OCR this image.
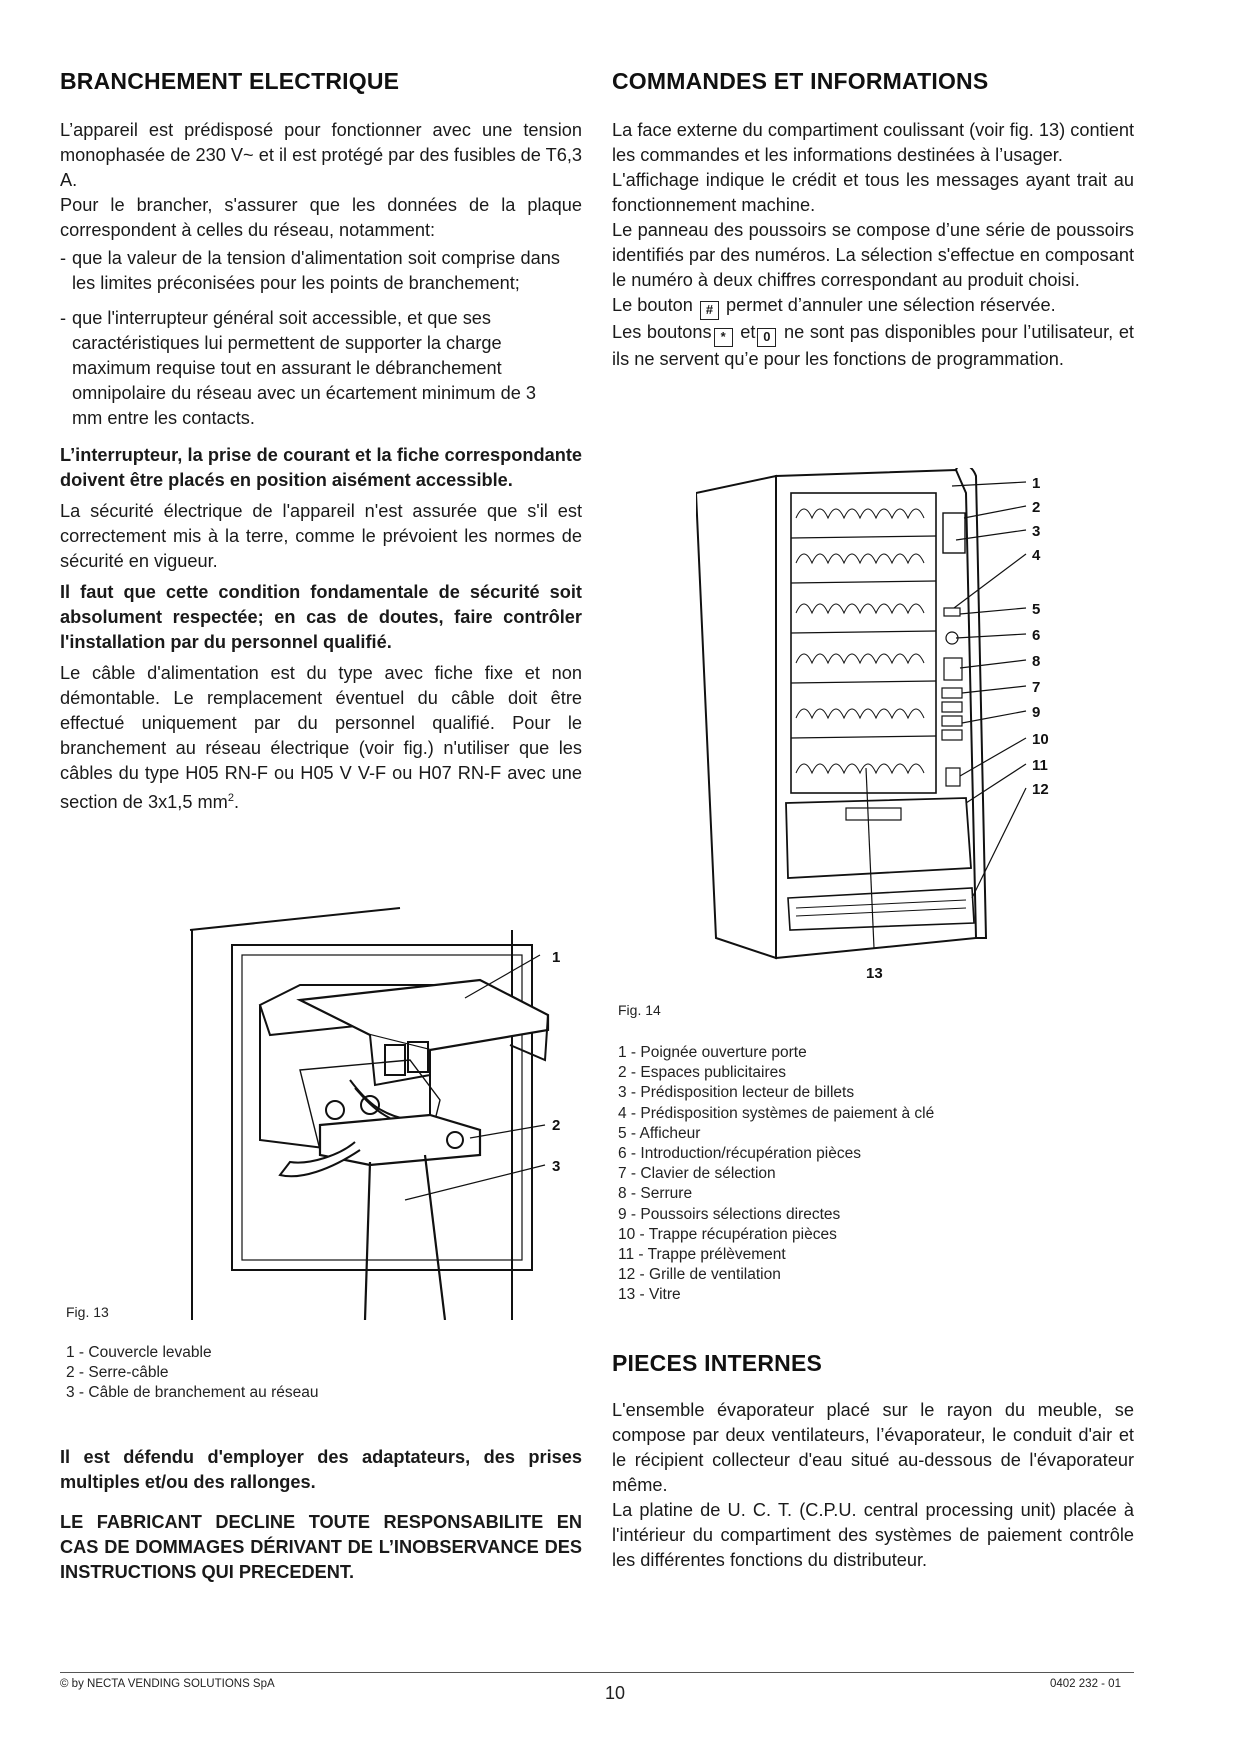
BRANCHEMENT ELECTRIQUE

L’appareil est prédisposé pour fonctionner avec une tension monophasée de 230 V~ et il est protégé par des fusibles de T6,3 A.

Pour le brancher, s'assurer que les données de la plaque correspondent à celles du réseau, notamment:

- que la valeur de la tension d'alimentation soit comprise dans les limites préconisées pour les points de branchement;
- que l'interrupteur général soit accessible, et que ses caractéristiques lui permettent de supporter la charge maximum requise tout en assurant le débranchement omnipolaire du réseau avec un écartement minimum de 3 mm entre les contacts.

L’interrupteur, la prise de courant et la fiche correspondante doivent être placés en position aisément accessible.

La sécurité électrique de l'appareil n'est assurée que s'il est correctement mis à la terre, comme le prévoient les normes de sécurité en vigueur.

Il faut que cette condition fondamentale de sécurité soit absolument respectée; en cas de doutes, faire contrôler l'installation par du personnel qualifié.

Le câble d'alimentation est du type avec fiche fixe et non démontable. Le remplacement éventuel du câble doit être effectué uniquement par du personnel qualifié. Pour le branchement au réseau électrique (voir fig.) n'utiliser que les câbles du type H05 RN-F ou H05 V V-F ou H07 RN-F avec une section de 3x1,5 $mm^2$.

1
2
3
Fig. 13
1 - Couvercle levable
2 - Serre-câble
3 - Câble de branchement au réseau

Il est défendu d'employer des adaptateurs, des prises multiples et/ou des rallonges.

LE FABRICANT DECLINE TOUTE RESPONSABILITE EN CAS DE DOMMAGES DÉRIVANT DE L’INOBSERVANCE DES INSTRUCTIONS QUI PRECEDENT.

COMMANDES ET INFORMATIONS

La face externe du compartiment coulissant (voir fig. 13) contient les commandes et les informations destinées à l’usager.

L'affichage indique le crédit et tous les messages ayant trait au fonctionnement machine.

Le panneau des poussoirs se compose d’une série de poussoirs identifiés par des numéros. La sélection s'effectue en composant le numéro à deux chiffres correspondant au produit choisi.

Le bouton # permet d’annuler une sélection réservée.

Les boutons * et 0 ne sont pas disponibles pour l’utilisateur, et ils ne servent qu’e pour les fonctions de programmation.

1
2
3
4
5
6
8
7
9
10
11
12
13
Fig. 14
1 - Poignée ouverture porte
2 - Espaces publicitaires
3 - Prédisposition lecteur de billets
4 - Prédisposition systèmes de paiement à clé
5 - Afficheur
6 - Introduction/récupération pièces
7 - Clavier de sélection
8 - Serrure
9 - Poussoirs sélections directes
10 - Trappe récupération pièces
11 - Trappe prélèvement
12 - Grille de ventilation
13 - Vitre
PIECES INTERNES

L'ensemble évaporateur placé sur le rayon du meuble, se compose par deux ventilateurs, l’évaporateur, le conduit d'air et le récipient collecteur d'eau situé au-dessous de l'évaporateur même.

La platine de U. C. T. (C.P.U. central processing unit) placée à l'intérieur du compartiment des systèmes de paiement contrôle les différentes fonctions du distributeur.

© by NECTA VENDING SOLUTIONS SpA	10	0402 232 - 01
